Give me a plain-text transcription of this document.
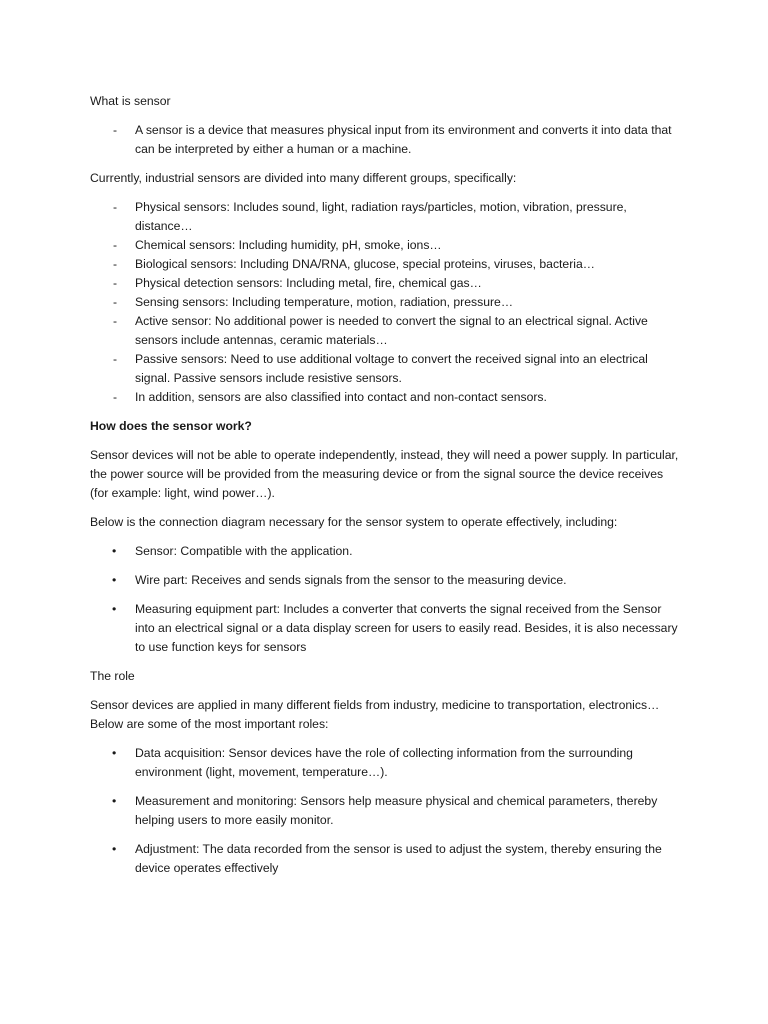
What is sensor

- A sensor is a device that measures physical input from its environment and converts it into data that can be interpreted by either a human or a machine.

Currently, industrial sensors are divided into many different groups, specifically:

- Physical sensors: Includes sound, light, radiation rays/particles, motion, vibration, pressure, distance…
- Chemical sensors: Including humidity, pH, smoke, ions…
- Biological sensors: Including DNA/RNA, glucose, special proteins, viruses, bacteria…
- Physical detection sensors: Including metal, fire, chemical gas…
- Sensing sensors: Including temperature, motion, radiation, pressure…
- Active sensor: No additional power is needed to convert the signal to an electrical signal. Active sensors include antennas, ceramic materials…
- Passive sensors: Need to use additional voltage to convert the received signal into an electrical signal. Passive sensors include resistive sensors.
- In addition, sensors are also classified into contact and non-contact sensors.

How does the sensor work?

Sensor devices will not be able to operate independently, instead, they will need a power supply. In particular, the power source will be provided from the measuring device or from the signal source the device receives (for example: light, wind power…).

Below is the connection diagram necessary for the sensor system to operate effectively, including:

• Sensor: Compatible with the application.
• Wire part: Receives and sends signals from the sensor to the measuring device.
• Measuring equipment part: Includes a converter that converts the signal received from the Sensor into an electrical signal or a data display screen for users to easily read. Besides, it is also necessary to use function keys for sensors

The role

Sensor devices are applied in many different fields from industry, medicine to transportation, electronics… Below are some of the most important roles:

• Data acquisition: Sensor devices have the role of collecting information from the surrounding environment (light, movement, temperature…).
• Measurement and monitoring: Sensors help measure physical and chemical parameters, thereby helping users to more easily monitor.
• Adjustment: The data recorded from the sensor is used to adjust the system, thereby ensuring the device operates effectively
